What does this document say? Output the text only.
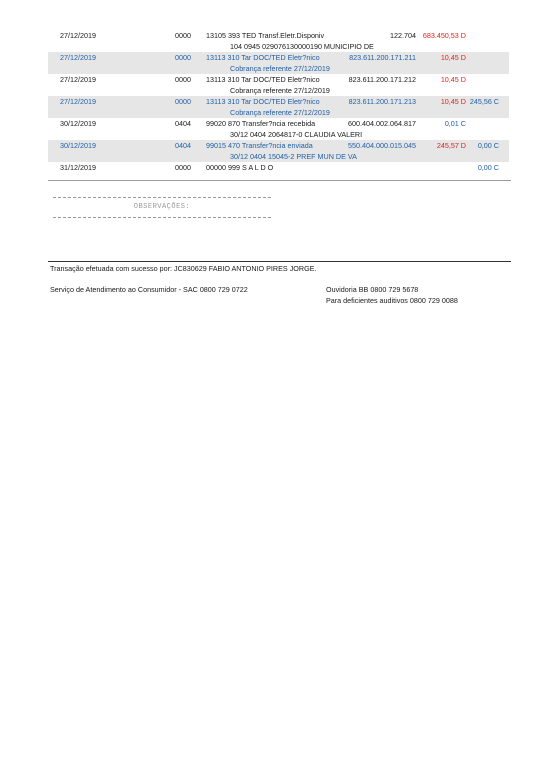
27/12/2019	0000 13105 393 TED Transf.Eletr.Disponiv	122.704 683.450,53 D
104 0945 029076130000190 MUNICIPIO DE
27/12/2019	0000 13113 310 Tar DOC/TED Eletr?nico	823.611.200.171.211	10,45 D
Cobrança referente 27/12/2019
27/12/2019	0000 13113 310 Tar DOC/TED Eletr?nico	823.611.200.171.212	10,45 D
Cobrança referente 27/12/2019
27/12/2019	0000 13113 310 Tar DOC/TED Eletr?nico	823.611.200.171.213	10,45 D 245,56 C
Cobrança referente 27/12/2019
30/12/2019	0404 99020 870 Transfer?ncia recebida	600.404.002.064.817	0,01 C
30/12 0404 2064817-0 CLAUDIA VALERI
30/12/2019	0404 99015 470 Transfer?ncia enviada	550.404.000.015.045	245,57 D 0,00 C
30/12 0404 15045-2 PREF MUN DE VA
31/12/2019	0000 00000 999 S A L D O	0,00 C
OBSERVAÇÕES:
Transação efetuada com sucesso por: JC830629 FABIO ANTONIO PIRES JORGE.
Serviço de Atendimento ao Consumidor - SAC 0800 729 0722	Ouvidoria BB 0800 729 5678
Para deficientes auditivos 0800 729 0088
